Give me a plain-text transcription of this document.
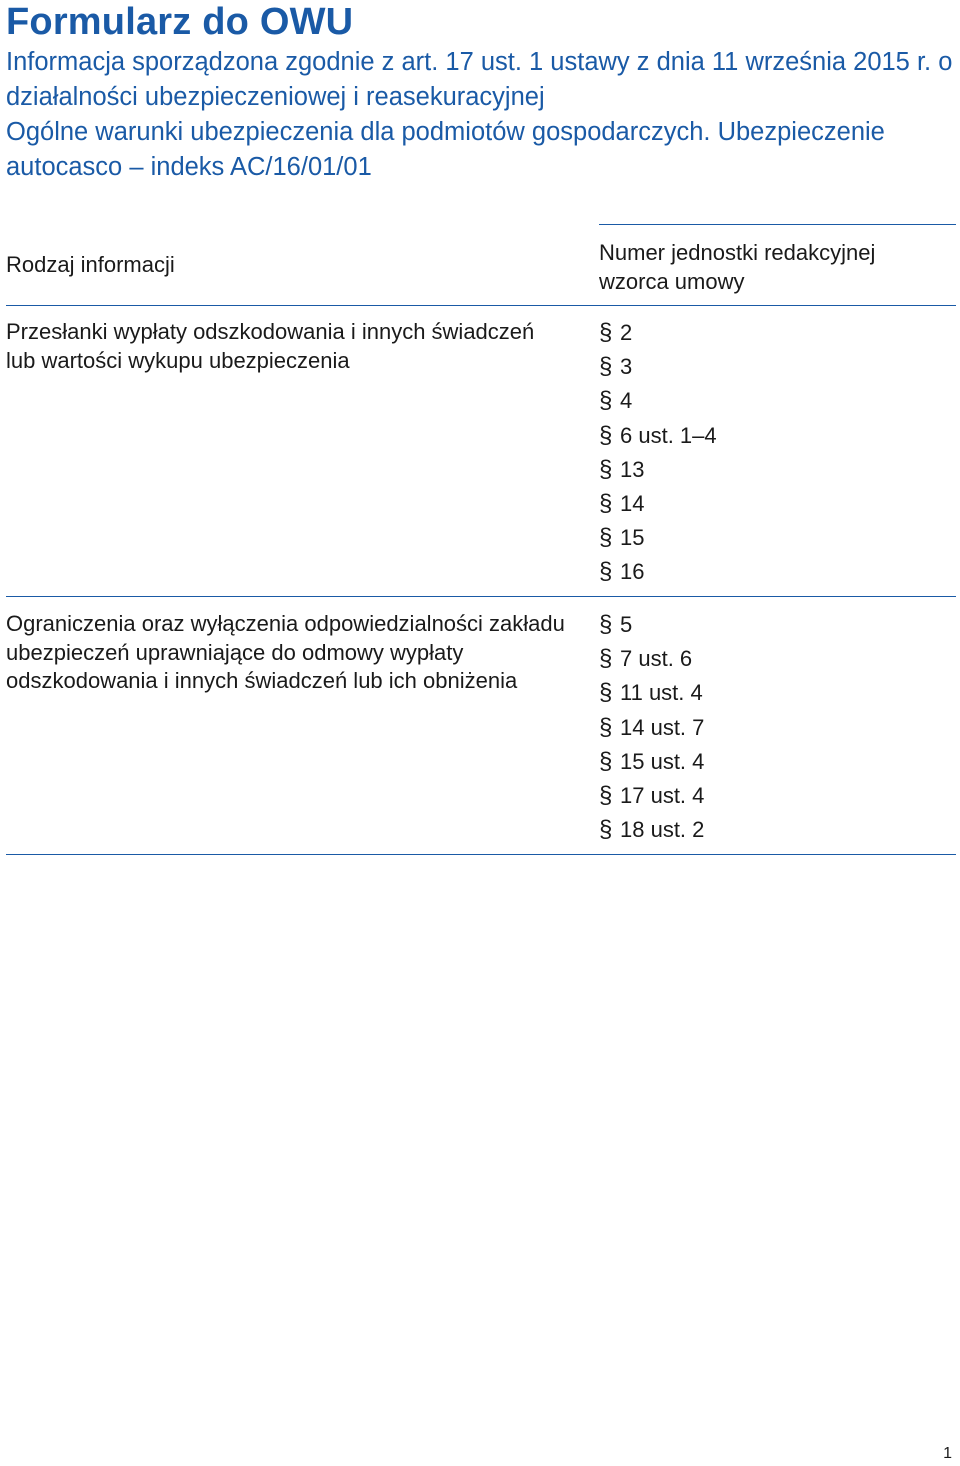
Formularz do OWU

Informacja sporządzona zgodnie z art. 17 ust. 1 ustawy z dnia 11 września 2015 r. o działalności ubezpieczeniowej i reasekuracyjnej

Ogólne warunki ubezpieczenia dla podmiotów gospodarczych. Ubezpieczenie autocasco – indeks AC/16/01/01

Rodzaj informacji	Numer jednostki redakcyjnej wzorca umowy

Przesłanki wypłaty odszkodowania i innych świadczeń lub wartości wykupu ubezpieczenia

§ 2
§ 3
§ 4
§ 6 ust. 1–4
§ 13
§ 14
§ 15
§ 16

Ograniczenia oraz wyłączenia odpowiedzialności zakładu ubezpieczeń uprawniające do odmowy wypłaty odszkodowania i innych świadczeń lub ich obniżenia

§ 5
§ 7 ust. 6
§ 11 ust. 4
§ 14 ust. 7
§ 15 ust. 4
§ 17 ust. 4
§ 18 ust. 2

1
